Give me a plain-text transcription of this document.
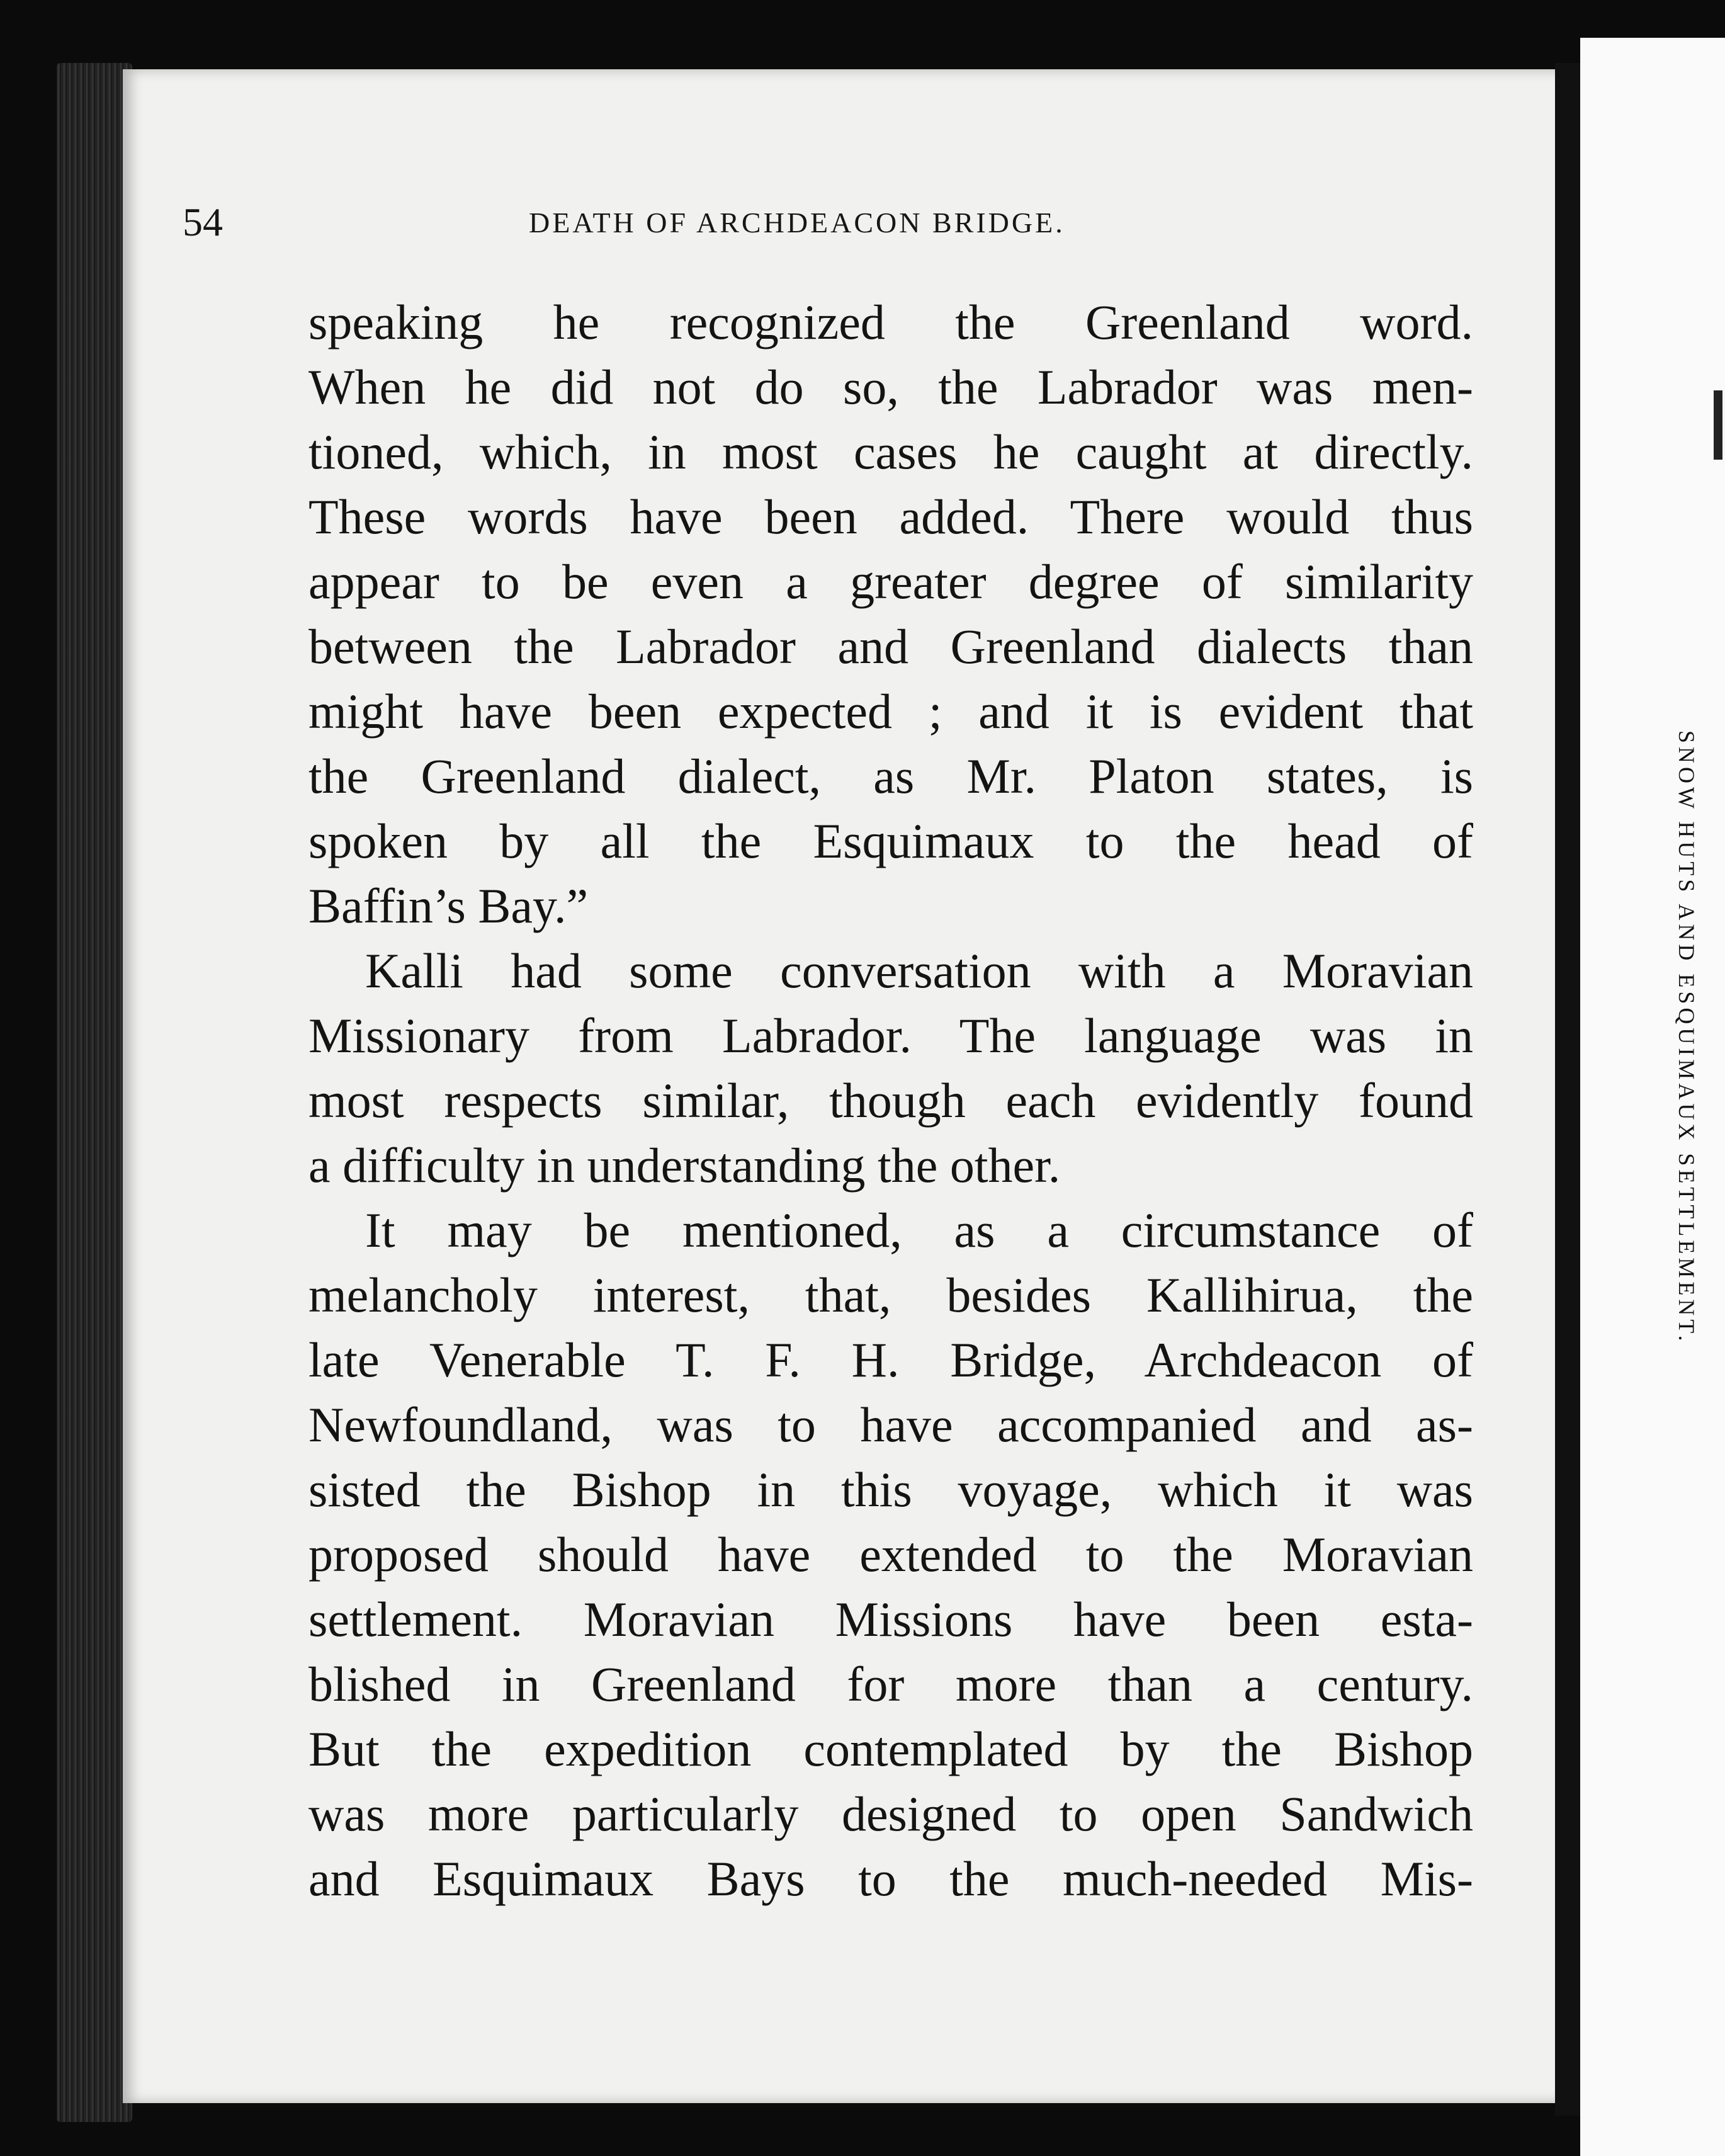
54	DEATH OF ARCHDEACON BRIDGE.
speaking he recognized the Greenland word.
When he did not do so, the Labrador was men-
tioned, which, in most cases he caught at directly.
These words have been added. There would thus
appear to be even a greater degree of similarity
between the Labrador and Greenland dialects than
might have been expected ; and it is evident that
the Greenland dialect, as Mr. Platon states, is
spoken by all the Esquimaux to the head of
Baffin’s Bay.”
Kalli had some conversation with a Moravian
Missionary from Labrador. The language was in
most respects similar, though each evidently found
a difficulty in understanding the other.
It may be mentioned, as a circumstance of
melancholy interest, that, besides Kallihirua, the
late Venerable T. F. H. Bridge, Archdeacon of
Newfoundland, was to have accompanied and as-
sisted the Bishop in this voyage, which it was
proposed should have extended to the Moravian
settlement. Moravian Missions have been esta-
blished in Greenland for more than a century.
But the expedition contemplated by the Bishop
was more particularly designed to open Sandwich
and Esquimaux Bays to the much-needed Mis-
SNOW HUTS AND ESQUIMAUX SETTLEMENT.
